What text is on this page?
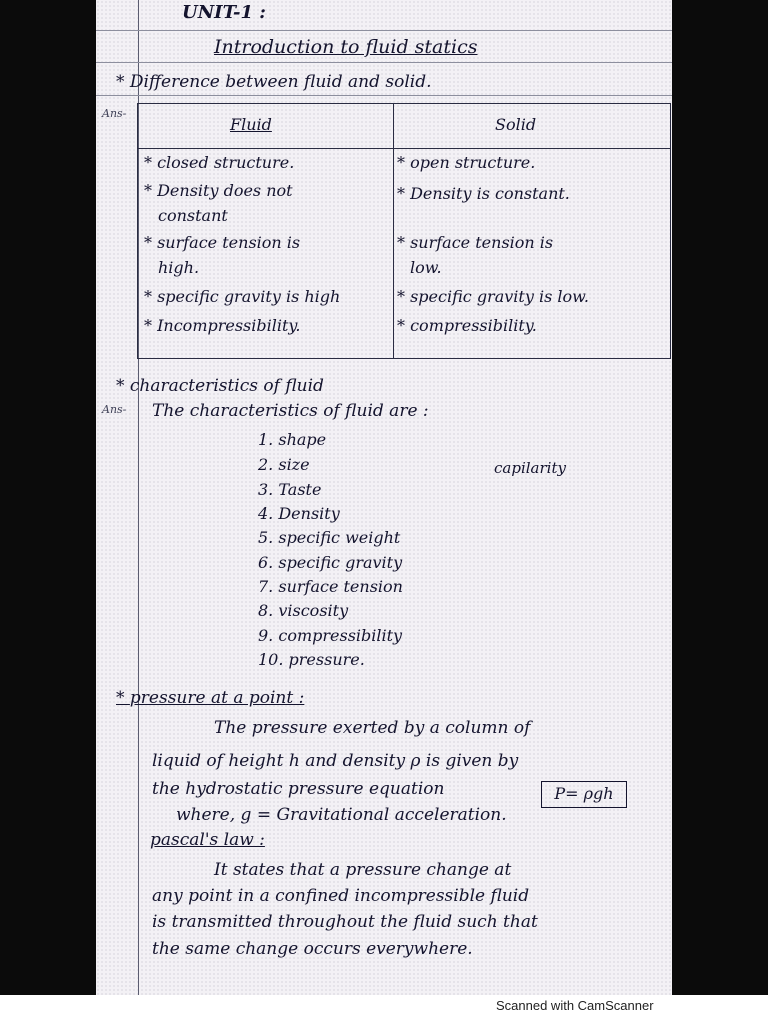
UNIT-1 :
Introduction to fluid statics
* Difference between fluid and solid.
Ans-
Fluid	Solid
* closed structure.
* Density does not
constant
* surface tension is
high.
* specific gravity is high
* Incompressibility.
* open structure.
* Density is constant.
* surface tension is
low.
* specific gravity is low.
* compressibility.
* characteristics of fluid
Ans- The characteristics of fluid are :
1. shape
2. size
3. Taste
4. Density
5. specific weight
6. specific gravity
7. surface tension
8. viscosity
9. compressibility
10. pressure.
capilarity
* pressure at a point :
The pressure exerted by a column of
liquid of height h and density ρ is given by
the hydrostatic pressure equation
where, g = Gravitational acceleration.
P= ρgh
pascal's law :
It states that a pressure change at
any point in a confined incompressible fluid
is transmitted throughout the fluid such that
the same change occurs everywhere.
Scanned with CamScanner
